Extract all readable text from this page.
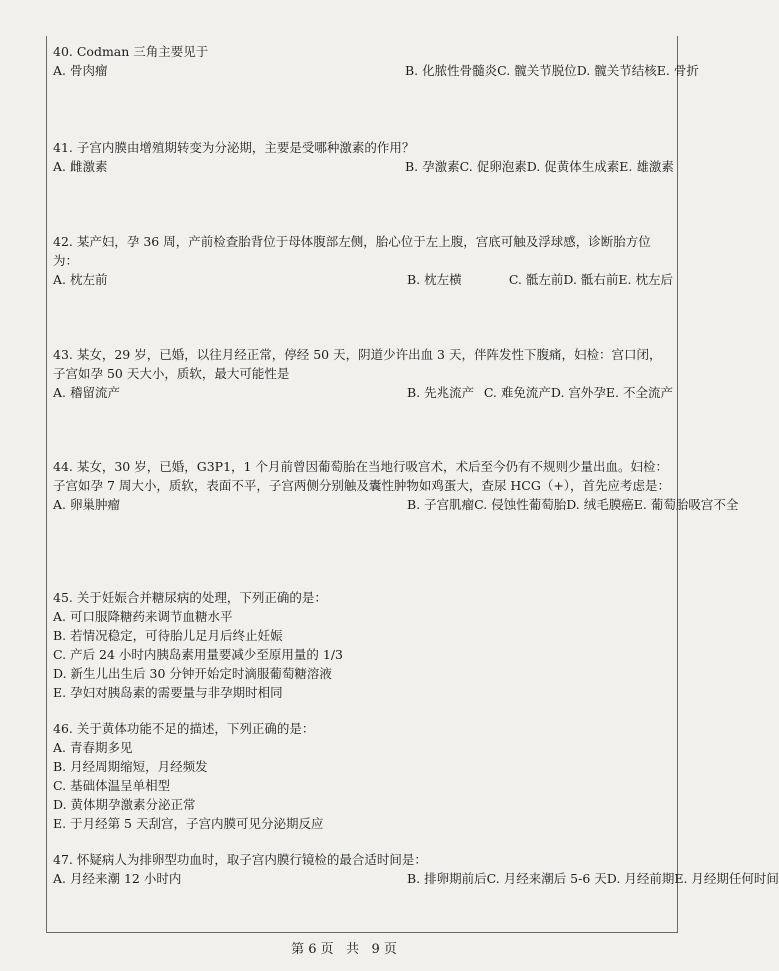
40. Codman 三角主要见于
A. 骨肉瘤	B. 化脓性骨髓炎 C. 髋关节脱位 D. 髋关节结核 E. 骨折
41. 子宫内膜由增殖期转变为分泌期，主要是受哪种激素的作用？
A. 雌激素	B. 孕激素 C. 促卵泡素 D. 促黄体生成素 E. 雄激素
42. 某产妇，孕 36 周，产前检查胎背位于母体腹部左侧，胎心位于左上腹，宫底可触及浮球感，诊断胎方位为：
A. 枕左前	B. 枕左横	C. 骶左前 D. 骶右前 E. 枕左后
43. 某女，29 岁，已婚，以往月经正常，停经 50 天，阴道少许出血 3 天，伴阵发性下腹痛，妇检：宫口闭，子宫如孕 50 天大小，质软，最大可能性是
A. 稽留流产	B. 先兆流产 C. 难免流产 D. 宫外孕 E. 不全流产
44. 某女，30 岁，已婚，G3P1，1 个月前曾因葡萄胎在当地行吸宫术，术后至今仍有不规则少量出血。妇检：子宫如孕 7 周大小，质软，表面不平，子宫两侧分别触及囊性肿物如鸡蛋大，查尿 HCG（+），首先应考虑是：
A. 卵巢肿瘤	B. 子宫肌瘤 C. 侵蚀性葡萄胎 D. 绒毛膜癌 E. 葡萄胎吸宫不全
45. 关于妊娠合并糖尿病的处理，下列正确的是：
A. 可口服降糖药来调节血糖水平
B. 若情况稳定，可待胎儿足月后终止妊娠
C. 产后 24 小时内胰岛素用量要减少至原用量的 1/3
D. 新生儿出生后 30 分钟开始定时滴服葡萄糖溶液
E. 孕妇对胰岛素的需要量与非孕期时相同
46. 关于黄体功能不足的描述，下列正确的是：
A. 青春期多见
B. 月经周期缩短，月经频发
C. 基础体温呈单相型
D. 黄体期孕激素分泌正常
E. 于月经第 5 天刮宫，子宫内膜可见分泌期反应
47. 怀疑病人为排卵型功血时，取子宫内膜行镜检的最合适时间是：
A. 月经来潮 12 小时内	B. 排卵期前后 C. 月经来潮后 5-6 天 D. 月经前期 E. 月经期任何时间
第 6 页   共   9 页
